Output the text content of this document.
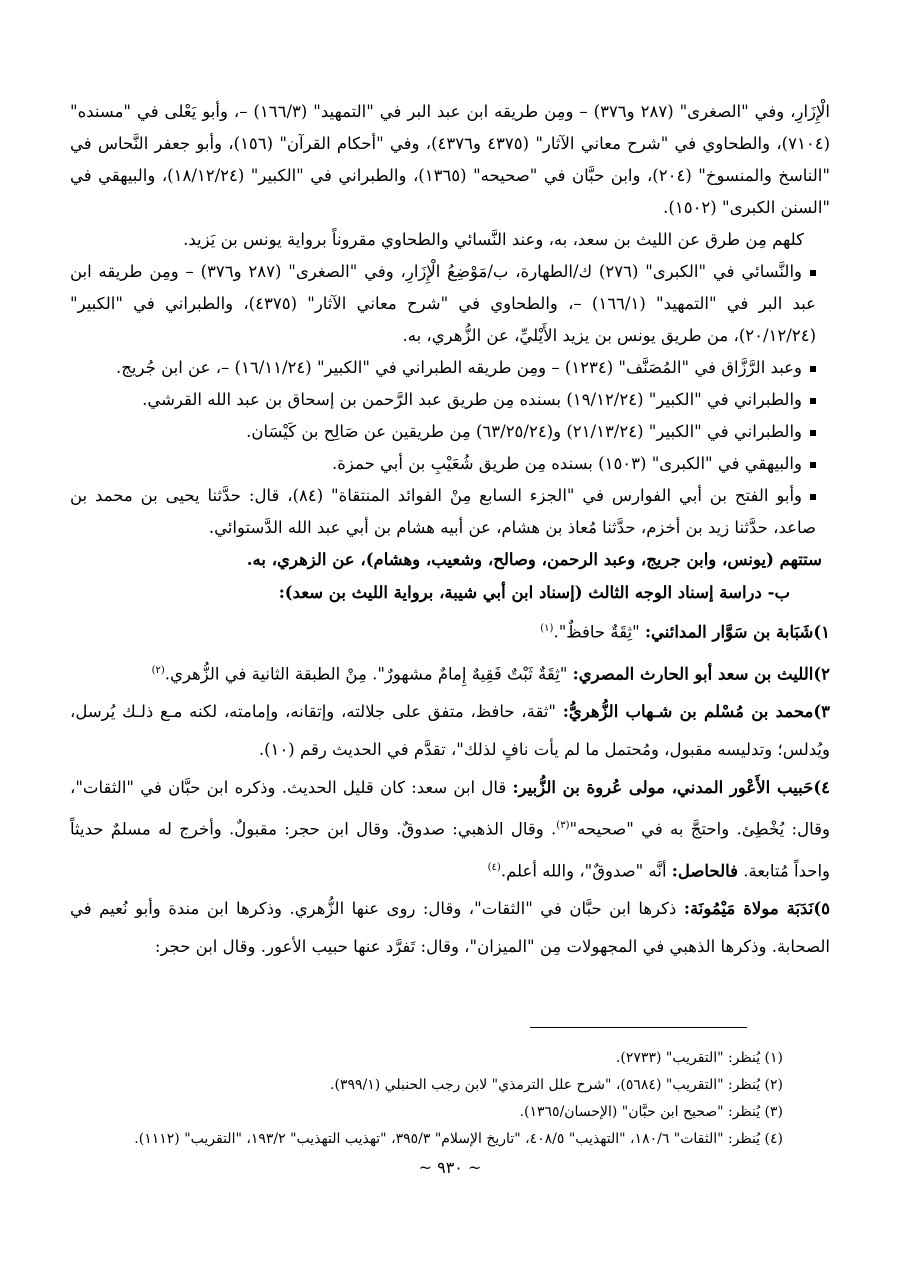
الْإِزَارِ، وفي "الصغرى" (٢٨٧ و٣٧٦) – ومِن طريقه ابن عبد البر في "التمهيد" (١٦٦/٣) –، وأبو يَعْلى في "مسنده" (٧١٠٤)، والطحاوي في "شرح معاني الآثار" (٤٣٧٥ و٤٣٧٦)، وفي "أحكام القرآن" (١٥٦)، وأبو جعفر النَّحاس في "الناسخ والمنسوخ" (٢٠٤)، وابن حبَّان في "صحيحه" (١٣٦٥)، والطبراني في "الكبير" (١٨/١٢/٢٤)، والبيهقي في "السنن الكبرى" (١٥٠٢).

كلهم مِن طرق عن الليث بن سعد، به، وعند النَّسائي والطحاوي مقروناً برواية يونس بن يَزيد.

والنَّسائي في "الكبرى" (٢٧٦) ك/الطهارة، ب/مَوْضِعُ الْإِزَارِ، وفي "الصغرى" (٢٨٧ و٣٧٦) – ومِن طريقه ابن عبد البر في "التمهيد" (١٦٦/١) –، والطحاوي في "شرح معاني الآثار" (٤٣٧٥)، والطبراني في "الكبير" (٢٠/١٢/٢٤)، من طريق يونس بن يزيد الأَيْليِّ، عن الزُّهري، به.

وعبد الرَّزَّاق في "المُصَنَّف" (١٢٣٤) – ومِن طريقه الطبراني في "الكبير" (١٦/١١/٢٤) –، عن ابن جُريج.

والطبراني في "الكبير" (١٩/١٢/٢٤) بسنده مِن طريق عبد الرَّحمن بن إسحاق بن عبد الله القرشي.

والطبراني في "الكبير" (٢١/١٣/٢٤) و(٦٣/٢٥/٢٤) مِن طريقين عن صَالِح بن كَيْسَان.

والبيهقي في "الكبرى" (١٥٠٣) بسنده مِن طريق شُعَيْبِ بن أبي حمزة.

وأبو الفتح بن أبي الفوارس في "الجزء السابع مِنْ الفوائد المنتقاة" (٨٤)، قال: حدَّثنا يحيى بن محمد بن صاعد، حدَّثنا زيد بن أخزم، حدَّثنا مُعاذ بن هشام، عن أبيه هشام بن أبي عبد الله الدَّستوائي.

ستتهم (يونس، وابن جريج، وعبد الرحمن، وصالح، وشعيب، وهشام)، عن الزهري، به.

ب- دراسة إسناد الوجه الثالث (إسناد ابن أبي شيبة، برواية الليث بن سعد):

١)شَبَابة بن سَوَّار المدائني: "ثِقَةٌ حافظٌ".$^{(١)}$

٢)الليث بن سعد أبو الحارث المصري: "ثِقَةٌ ثَبْتٌ فَقِيهٌ إِمامٌ مشهورٌ". مِنْ الطبقة الثانية في الزُّهري.$^{(٢)}$

٣)محمد بن مُسْلم بن شـهاب الزُّهريُّ: "ثقة، حافظ، متفق على جلالته، وإتقانه، وإمامته، لكنه مـع ذلـك يُرسل، ويُدلس؛ وتدليسه مقبول، ومُحتمل ما لم يأت نافٍ لذلك"، تقدَّم في الحديث رقم (١٠).

٤)حَبيب الأَعْور المدني، مولى عُروة بن الزُّبير: قال ابن سعد: كان قليل الحديث. وذكره ابن حبَّان في "الثقات"، وقال: يُخْطِئ. واحتجَّ به في "صحيحه"$^{(٣)}$. وقال الذهبي: صدوقٌ. وقال ابن حجر: مقبولٌ. وأخرج له مسلمٌ حديثاً واحداً مُتابعة. فالحاصل: أنَّه "صدوقٌ"، والله أعلم.$^{(٤)}$

٥)نَدَبَة مولاة مَيْمُونَة: ذكرها ابن حبَّان في "الثقات"، وقال: روى عنها الزُّهري. وذكرها ابن مندة وأبو نُعيم في الصحابة. وذكرها الذهبي في المجهولات مِن "الميزان"، وقال: تَفرَّد عنها حبيب الأعور. وقال ابن حجر:

(١) يُنظر: "التقريب" (٢٧٣٣).
(٢) يُنظر: "التقريب" (٥٦٨٤)، "شرح علل الترمذي" لابن رجب الحنبلي (٣٩٩/١).
(٣) يُنظر: "صحيح ابن حبَّان" (الإحسان/١٣٦٥).
(٤) يُنظر: "الثقات" ١٨٠/٦، "التهذيب" ٤٠٨/٥، "تاريخ الإسلام" ٣٩٥/٣، "تهذيب التهذيب" ١٩٣/٢، "التقريب" (١١١٢).
~ ٩٣٠ ~
